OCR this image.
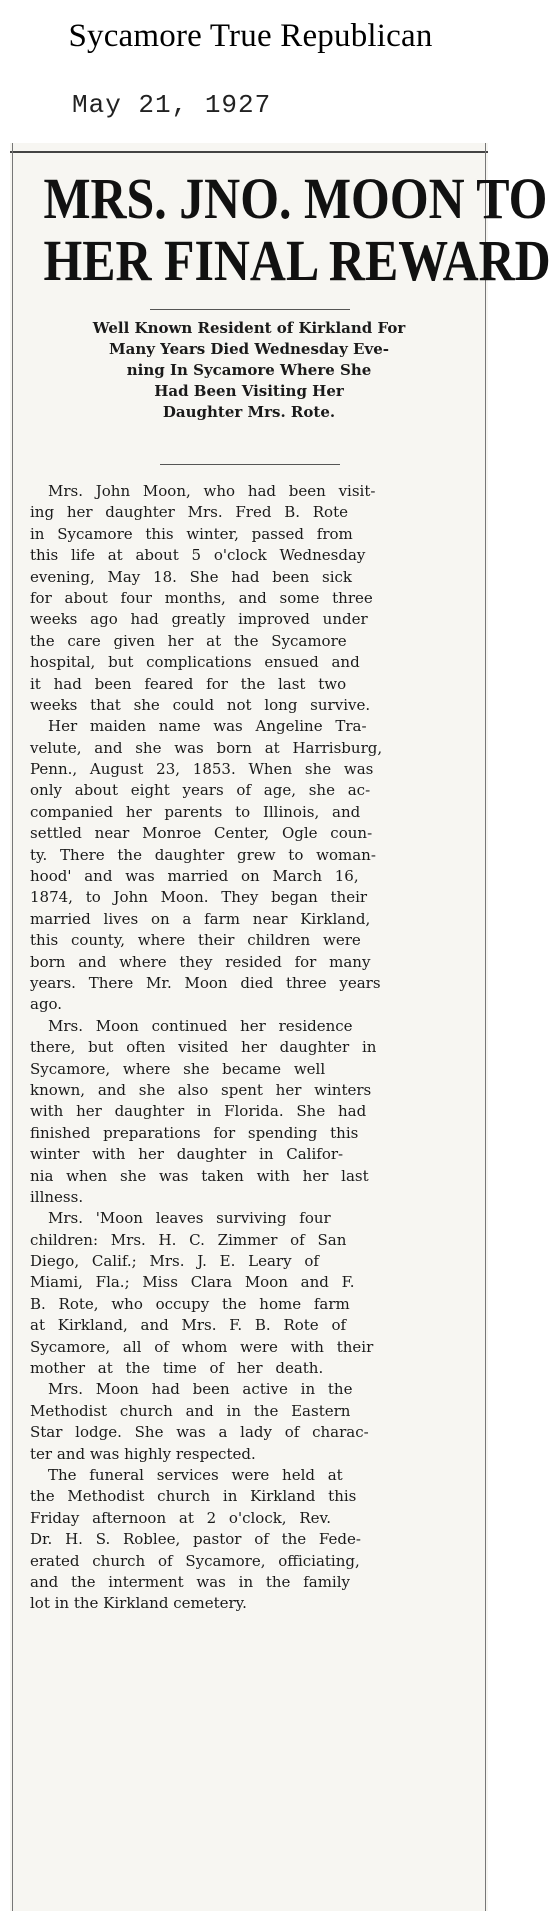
Sycamore True Republican
May 21, 1927
MRS. JNO. MOON TO
HER FINAL REWARD
Well Known Resident of Kirkland For
Many Years Died Wednesday Eve-
ning In Sycamore Where She
Had Been Visiting Her
Daughter Mrs. Rote.
Mrs. John Moon, who had been visit-
ing her daughter Mrs. Fred B. Rote
in Sycamore this winter, passed from
this life at about 5 o'clock Wednesday
evening, May 18. She had been sick
for about four months, and some three
weeks ago had greatly improved under
the care given her at the Sycamore
hospital, but complications ensued and
it had been feared for the last two
weeks that she could not long survive.
Her maiden name was Angeline Tra-
velute, and she was born at Harrisburg,
Penn., August 23, 1853. When she was
only about eight years of age, she ac-
companied her parents to Illinois, and
settled near Monroe Center, Ogle coun-
ty. There the daughter grew to woman-
hood' and was married on March 16,
1874, to John Moon. They began their
married lives on a farm near Kirkland,
this county, where their children were
born and where they resided for many
years. There Mr. Moon died three years
ago.
Mrs. Moon continued her residence
there, but often visited her daughter in
Sycamore, where she became well
known, and she also spent her winters
with her daughter in Florida. She had
finished preparations for spending this
winter with her daughter in Califor-
nia when she was taken with her last
illness.
Mrs. 'Moon leaves surviving four
children: Mrs. H. C. Zimmer of San
Diego, Calif.; Mrs. J. E. Leary of
Miami, Fla.; Miss Clara Moon and F.
B. Rote, who occupy the home farm
at Kirkland, and Mrs. F. B. Rote of
Sycamore, all of whom were with their
mother at the time of her death.
Mrs. Moon had been active in the
Methodist church and in the Eastern
Star lodge. She was a lady of charac-
ter and was highly respected.
The funeral services were held at
the Methodist church in Kirkland this
Friday afternoon at 2 o'clock, Rev.
Dr. H. S. Roblee, pastor of the Fede-
erated church of Sycamore, officiating,
and the interment was in the family
lot in the Kirkland cemetery.
